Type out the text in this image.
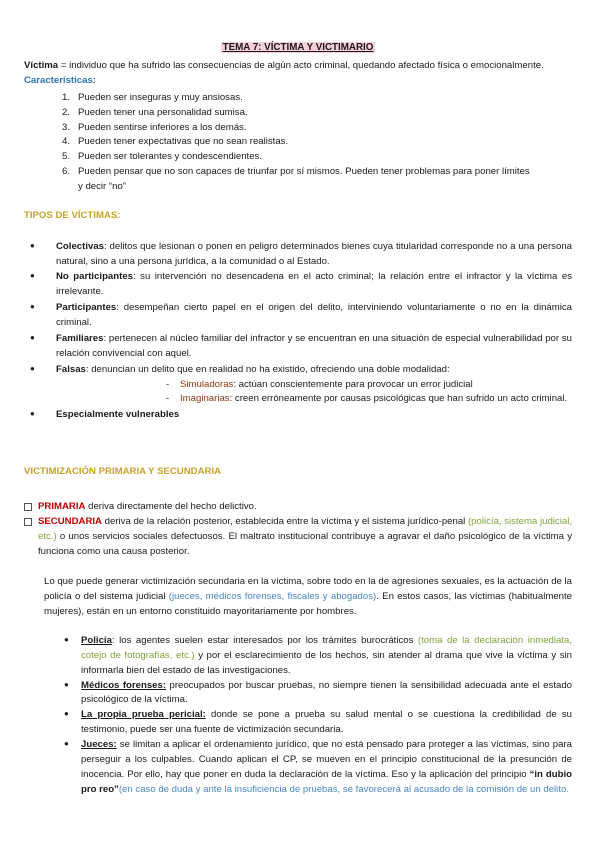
TEMA 7: VÍCTIMA Y VICTIMARIO

Víctima = individuo que ha sufrido las consecuencias de algún acto criminal, quedando afectado física o emocionalmente.

Características:

1. Pueden ser inseguras y muy ansiosas.
2. Pueden tener una personalidad sumisa.
3. Pueden sentirse inferiores a los demás.
4. Pueden tener expectativas que no sean realistas.
5. Pueden ser tolerantes y condescendientes.
6. Pueden pensar que no son capaces de triunfar por sí mismos. Pueden tener problemas para poner límites
y decir “no”

TIPOS DE VÍCTIMAS:

● Colectivas: delitos que lesionan o ponen en peligro determinados bienes cuya titularidad corresponde no a una persona natural, sino a una persona jurídica, a la comunidad o al Estado.
● No participantes: su intervención no desencadena en el acto criminal; la relación entre el infractor y la víctima es irrelevante.
● Participantes: desempeñan cierto papel en el origen del delito, interviniendo voluntariamente o no en la dinámica criminal.
● Familiares: pertenecen al núcleo familiar del infractor y se encuentran en una situación de especial vulnerabilidad por su relación convivencial con aquel.
● Falsas: denuncian un delito que en realidad no ha existido, ofreciendo una doble modalidad:
- Simuladoras: actúan conscientemente para provocar un error judicial
- Imaginarias: creen erróneamente por causas psicológicas que han sufrido un acto criminal.
● Especialmente vulnerables

VICTIMIZACIÓN PRIMARIA Y SECUNDARIA

PRIMARIA deriva directamente del hecho delictivo.

SECUNDARIA deriva de la relación posterior, establecida entre la víctima y el sistema jurídico-penal (policía, sistema judicial, etc.) o unos servicios sociales defectuosos. El maltrato institucional contribuye a agravar el daño psicológico de la víctima y funciona como una causa posterior.

Lo que puede generar victimización secundaria en la víctima, sobre todo en la de agresiones sexuales, es la actuación de la policía o del sistema judicial (jueces, médicos forenses, fiscales y abogados). En estos casos, las víctimas (habitualmente mujeres), están en un entorno constituido mayoritariamente por hombres.

● Policía: los agentes suelen estar interesados por los trámites burocráticos (toma de la declaración inmediata, cotejo de fotografías, etc.) y por el esclarecimiento de los hechos, sin atender al drama que vive la víctima y sin informarla bien del estado de las investigaciones.
● Médicos forenses: preocupados por buscar pruebas, no siempre tienen la sensibilidad adecuada ante el estado psicológico de la víctima.
● La propia prueba pericial: donde se pone a prueba su salud mental o se cuestiona la credibilidad de su testimonio, puede ser una fuente de victimización secundaria.
● Jueces: se limitan a aplicar el ordenamiento jurídico, que no está pensado para proteger a las víctimas, sino para perseguir a los culpables. Cuando aplican el CP, se mueven en el principio constitucional de la presunción de inocencia. Por ello, hay que poner en duda la declaración de la víctima. Eso y la aplicación del principio “in dubio pro reo”(en caso de duda y ante la insuficiencia de pruebas, se favorecerá al acusado de la comisión de un delito.
